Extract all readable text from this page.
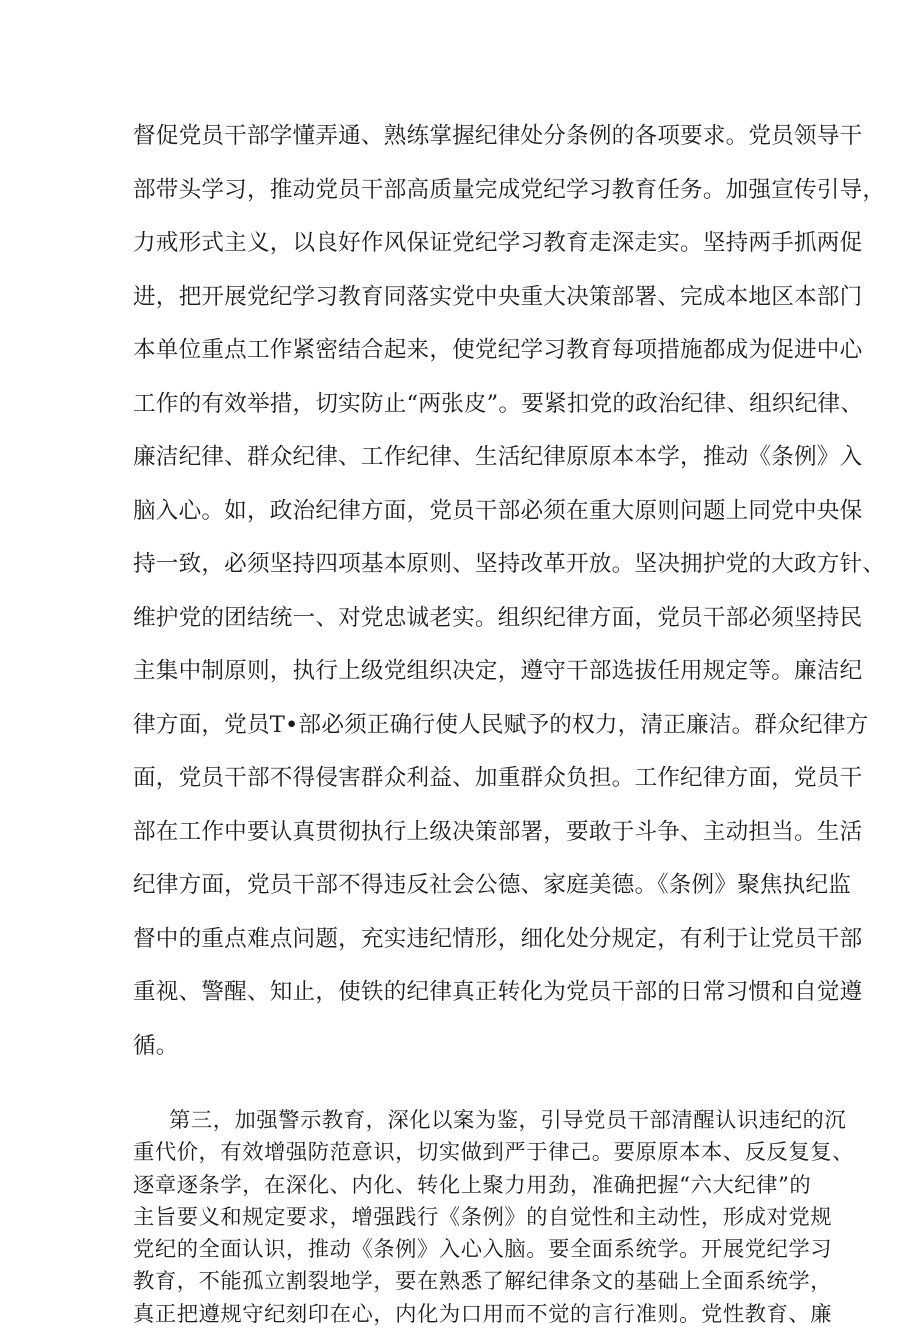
督促党员干部学懂弄通、熟练掌握纪律处分条例的各项要求。党员领导干
部带头学习，推动党员干部高质量完成党纪学习教育任务。加强宣传引导，
力戒形式主义，以良好作风保证党纪学习教育走深走实。坚持两手抓两促
进，把开展党纪学习教育同落实党中央重大决策部署、完成本地区本部门
本单位重点工作紧密结合起来，使党纪学习教育每项措施都成为促进中心
工作的有效举措，切实防止“两张皮”。要紧扣党的政治纪律、组织纪律、
廉洁纪律、群众纪律、工作纪律、生活纪律原原本本学，推动《条例》入
脑入心。如，政治纪律方面，党员干部必须在重大原则问题上同党中央保
持一致，必须坚持四项基本原则、坚持改革开放。坚决拥护党的大政方针、
维护党的团结统一、对党忠诚老实。组织纪律方面，党员干部必须坚持民
主集中制原则，执行上级党组织决定，遵守干部选拔任用规定等。廉洁纪
律方面，党员T•部必须正确行使人民赋予的权力，清正廉洁。群众纪律方
面，党员干部不得侵害群众利益、加重群众负担。工作纪律方面，党员干
部在工作中要认真贯彻执行上级决策部署，要敢于斗争、主动担当。生活
纪律方面，党员干部不得违反社会公德、家庭美德。《条例》聚焦执纪监
督中的重点难点问题，充实违纪情形，细化处分规定，有利于让党员干部
重视、警醒、知止，使铁的纪律真正转化为党员干部的日常习惯和自觉遵
循。
第三，加强警示教育，深化以案为鉴，引导党员干部清醒认识违纪的沉
重代价，有效增强防范意识，切实做到严于律己。要原原本本、反反复复、
逐章逐条学，在深化、内化、转化上聚力用劲，准确把握“六大纪律”的
主旨要义和规定要求，增强践行《条例》的自觉性和主动性，形成对党规
党纪的全面认识，推动《条例》入心入脑。要全面系统学。开展党纪学习
教育，不能孤立割裂地学，要在熟悉了解纪律条文的基础上全面系统学，
真正把遵规守纪刻印在心，内化为口用而不觉的言行准则。党性教育、廉
